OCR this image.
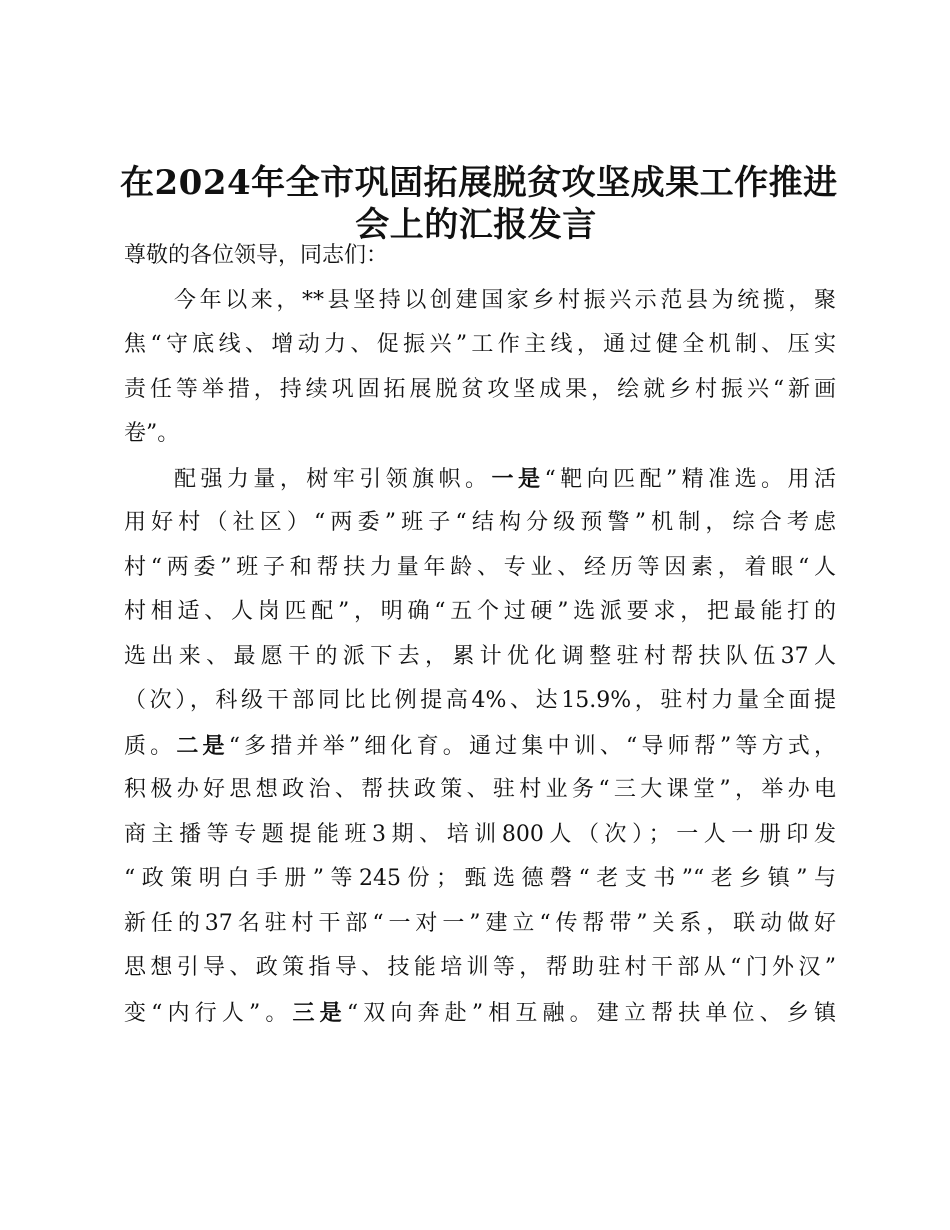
在2024年全市巩固拓展脱贫攻坚成果工作推进
会上的汇报发言
尊敬的各位领导，同志们：
今年以来，**县坚持以创建国家乡村振兴示范县为统揽，聚
焦“守底线、增动力、促振兴”工作主线，通过健全机制、压实
责任等举措，持续巩固拓展脱贫攻坚成果，绘就乡村振兴“新画
卷”。
配强力量，树牢引领旗帜。一是“靶向匹配”精准选。用活
用好村（社区）“两委”班子“结构分级预警”机制，综合考虑
村“两委”班子和帮扶力量年龄、专业、经历等因素，着眼“人
村相适、人岗匹配”，明确“五个过硬”选派要求，把最能打的
选出来、最愿干的派下去，累计优化调整驻村帮扶队伍37人
（次），科级干部同比比例提高4%、达15.9%，驻村力量全面提
质。二是“多措并举”细化育。通过集中训、“导师帮”等方式，
积极办好思想政治、帮扶政策、驻村业务“三大课堂”，举办电
商主播等专题提能班3期、培训800人（次）；一人一册印发
“政策明白手册”等245份；甄选德磬“老支书”“老乡镇”与
新任的37名驻村干部“一对一”建立“传帮带”关系，联动做好
思想引导、政策指导、技能培训等，帮助驻村干部从“门外汉”
变“内行人”。三是“双向奔赴”相互融。建立帮扶单位、乡镇
